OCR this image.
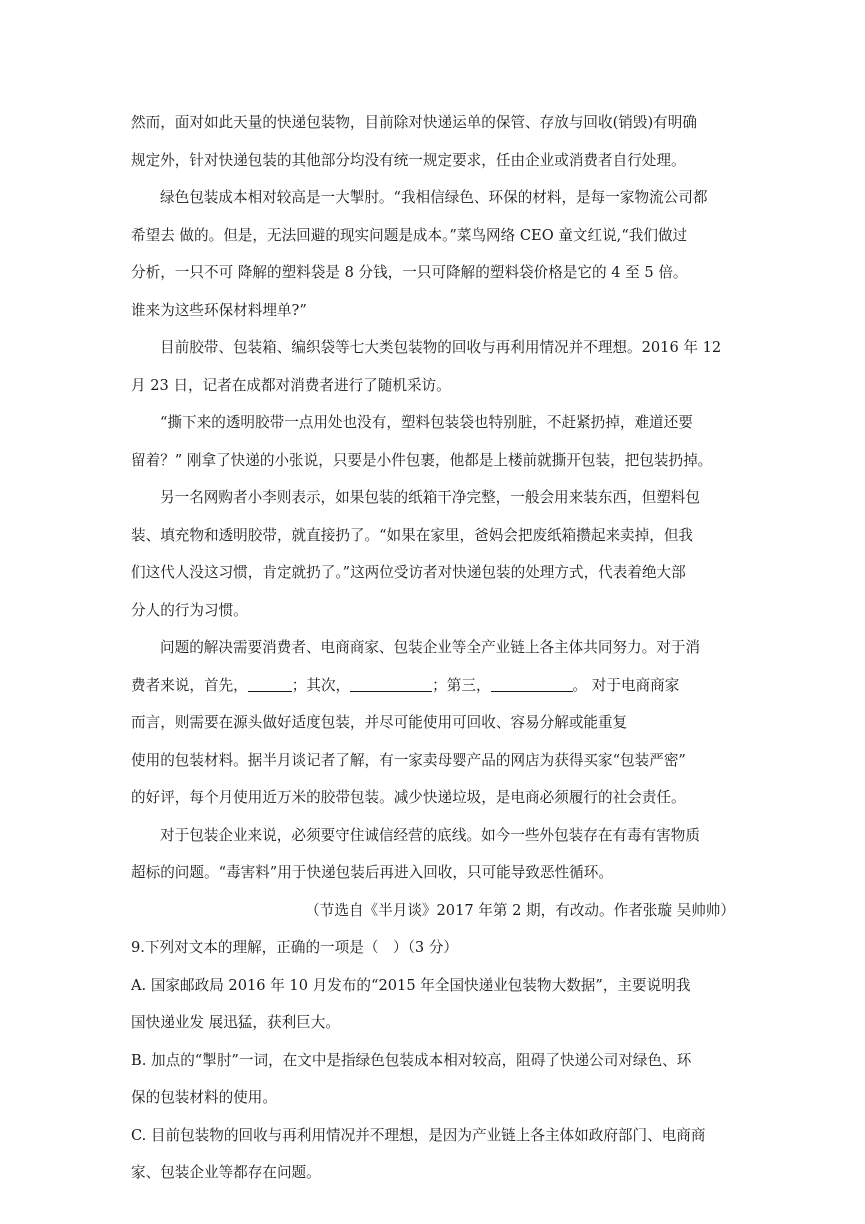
然而，面对如此天量的快递包装物，目前除对快递运单的保管、存放与回收(销毁)有明确
规定外，针对快递包装的其他部分均没有统一规定要求，任由企业或消费者自行处理。
绿色包装成本相对较高是一大掣肘。“我相信绿色、环保的材料，是每一家物流公司都
希望去 做的。但是，无法回避的现实问题是成本。”菜鸟网络 CEO 童文红说,“我们做过
分析，一只不可 降解的塑料袋是 8 分钱，一只可降解的塑料袋价格是它的 4 至 5 倍。
谁来为这些环保材料埋单?”
目前胶带、包装箱、编织袋等七大类包装物的回收与再利用情况并不理想。2016 年 12
月 23 日，记者在成都对消费者进行了随机采访。
“撕下来的透明胶带一点用处也没有，塑料包装袋也特别脏，不赶紧扔掉，难道还要
留着？” 刚拿了快递的小张说，只要是小件包裹，他都是上楼前就撕开包装，把包装扔掉。
另一名网购者小李则表示，如果包装的纸箱干净完整，一般会用来装东西，但塑料包
装、填充物和透明胶带，就直接扔了。“如果在家里，爸妈会把废纸箱攒起来卖掉，但我
们这代人没这习惯，肯定就扔了。”这两位受访者对快递包装的处理方式，代表着绝大部
分人的行为习惯。
问题的解决需要消费者、电商商家、包装企业等全产业链上各主体共同努力。对于消
费者来说，首先，	；其次，	；第三，	。 对于电商商家
而言，则需要在源头做好适度包装，并尽可能使用可回收、容易分解或能重复
使用的包装材料。据半月谈记者了解，有一家卖母婴产品的网店为获得买家“包装严密”
的好评，每个月使用近万米的胶带包装。减少快递垃圾，是电商必须履行的社会责任。
对于包装企业来说，必须要守住诚信经营的底线。如今一些外包装存在有毒有害物质
超标的问题。“毒害料”用于快递包装后再进入回收，只可能导致恶性循环。
（节选自《半月谈》2017 年第 2 期，有改动。作者张璇 吴帅帅）
9.下列对文本的理解，正确的一项是（　）（3 分）
A. 国家邮政局 2016 年 10 月发布的“2015 年全国快递业包装物大数据”，主要说明我
国快递业发 展迅猛，获利巨大。
B. 加点的“掣肘”一词，在文中是指绿色包装成本相对较高，阻碍了快递公司对绿色、环
保的包装材料的使用。
C. 目前包装物的回收与再利用情况并不理想，是因为产业链上各主体如政府部门、电商商
家、包装企业等都存在问题。
